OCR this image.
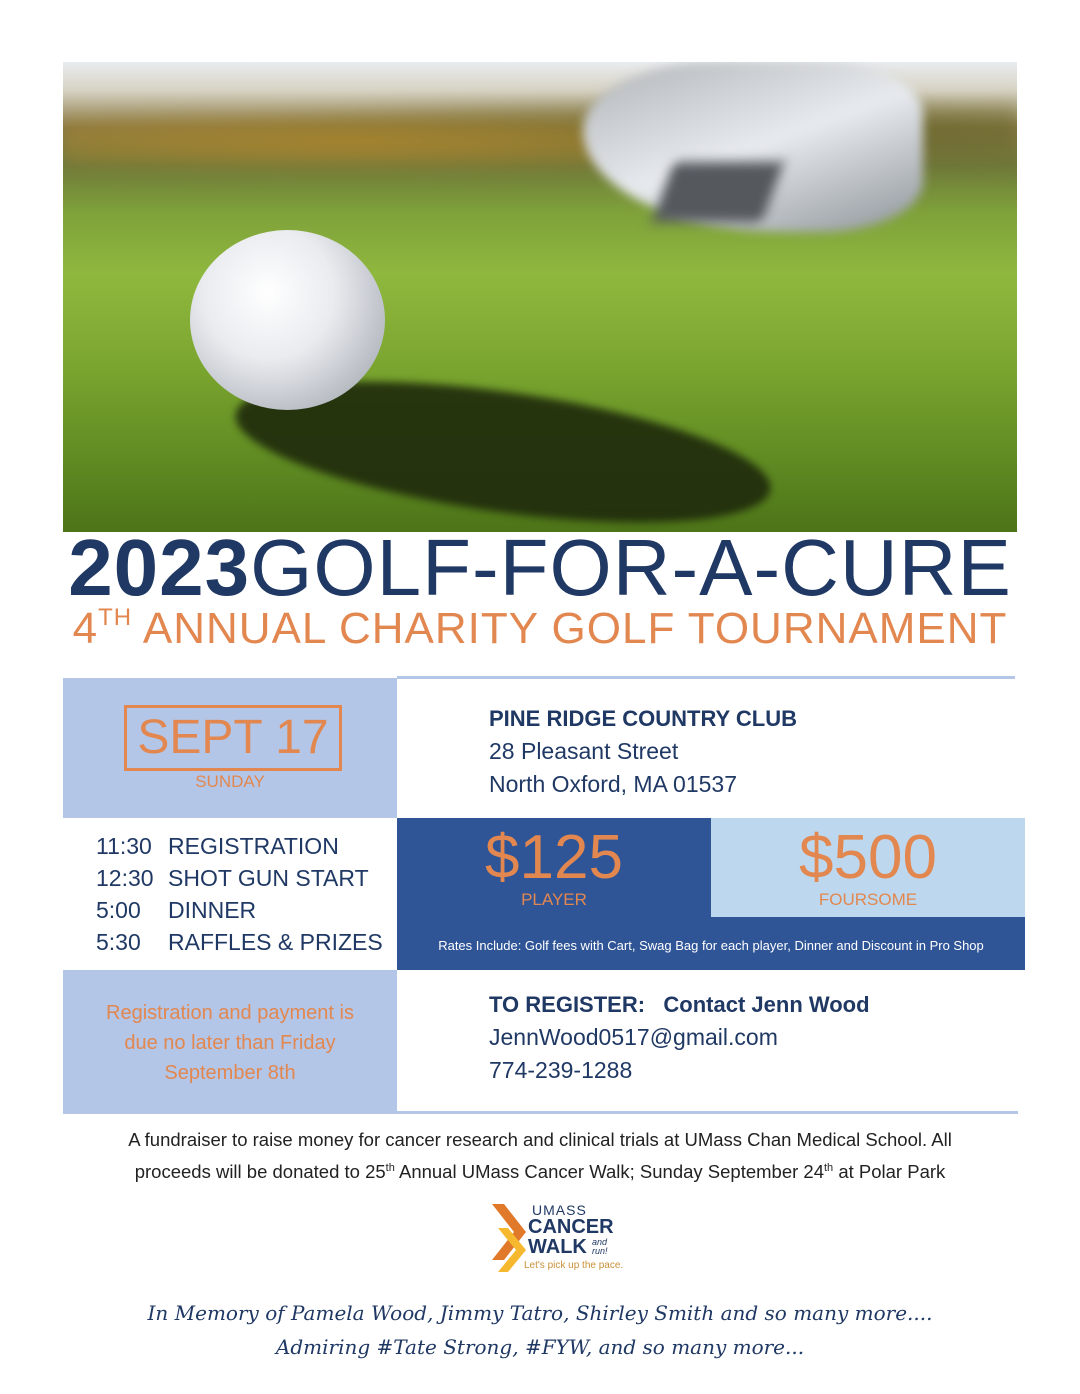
2023GOLF-FOR-A-CURE
4TH ANNUAL CHARITY GOLF TOURNAMENT
SEPT 17
SUNDAY
PINE RIDGE COUNTRY CLUB
28 Pleasant Street
North Oxford, MA 01537
11:30	REGISTRATION
12:30	SHOT GUN START
5:00	DINNER
5:30	RAFFLES & PRIZES
$125
PLAYER
$500
FOURSOME
Rates Include: Golf fees with Cart, Swag Bag for each player, Dinner and Discount in Pro Shop
Registration and payment is due no later than Friday September 8th
TO REGISTER: Contact Jenn Wood
JennWood0517@gmail.com
774-239-1288
A fundraiser to raise money for cancer research and clinical trials at UMass Chan Medical School. All
proceeds will be donated to 25th Annual UMass Cancer Walk; Sunday September 24th at Polar Park
UMASS
CANCER
WALK and run!
Let's pick up the pace.
In Memory of Pamela Wood, Jimmy Tatro, Shirley Smith and so many more....
Admiring #Tate Strong, #FYW, and so many more...
